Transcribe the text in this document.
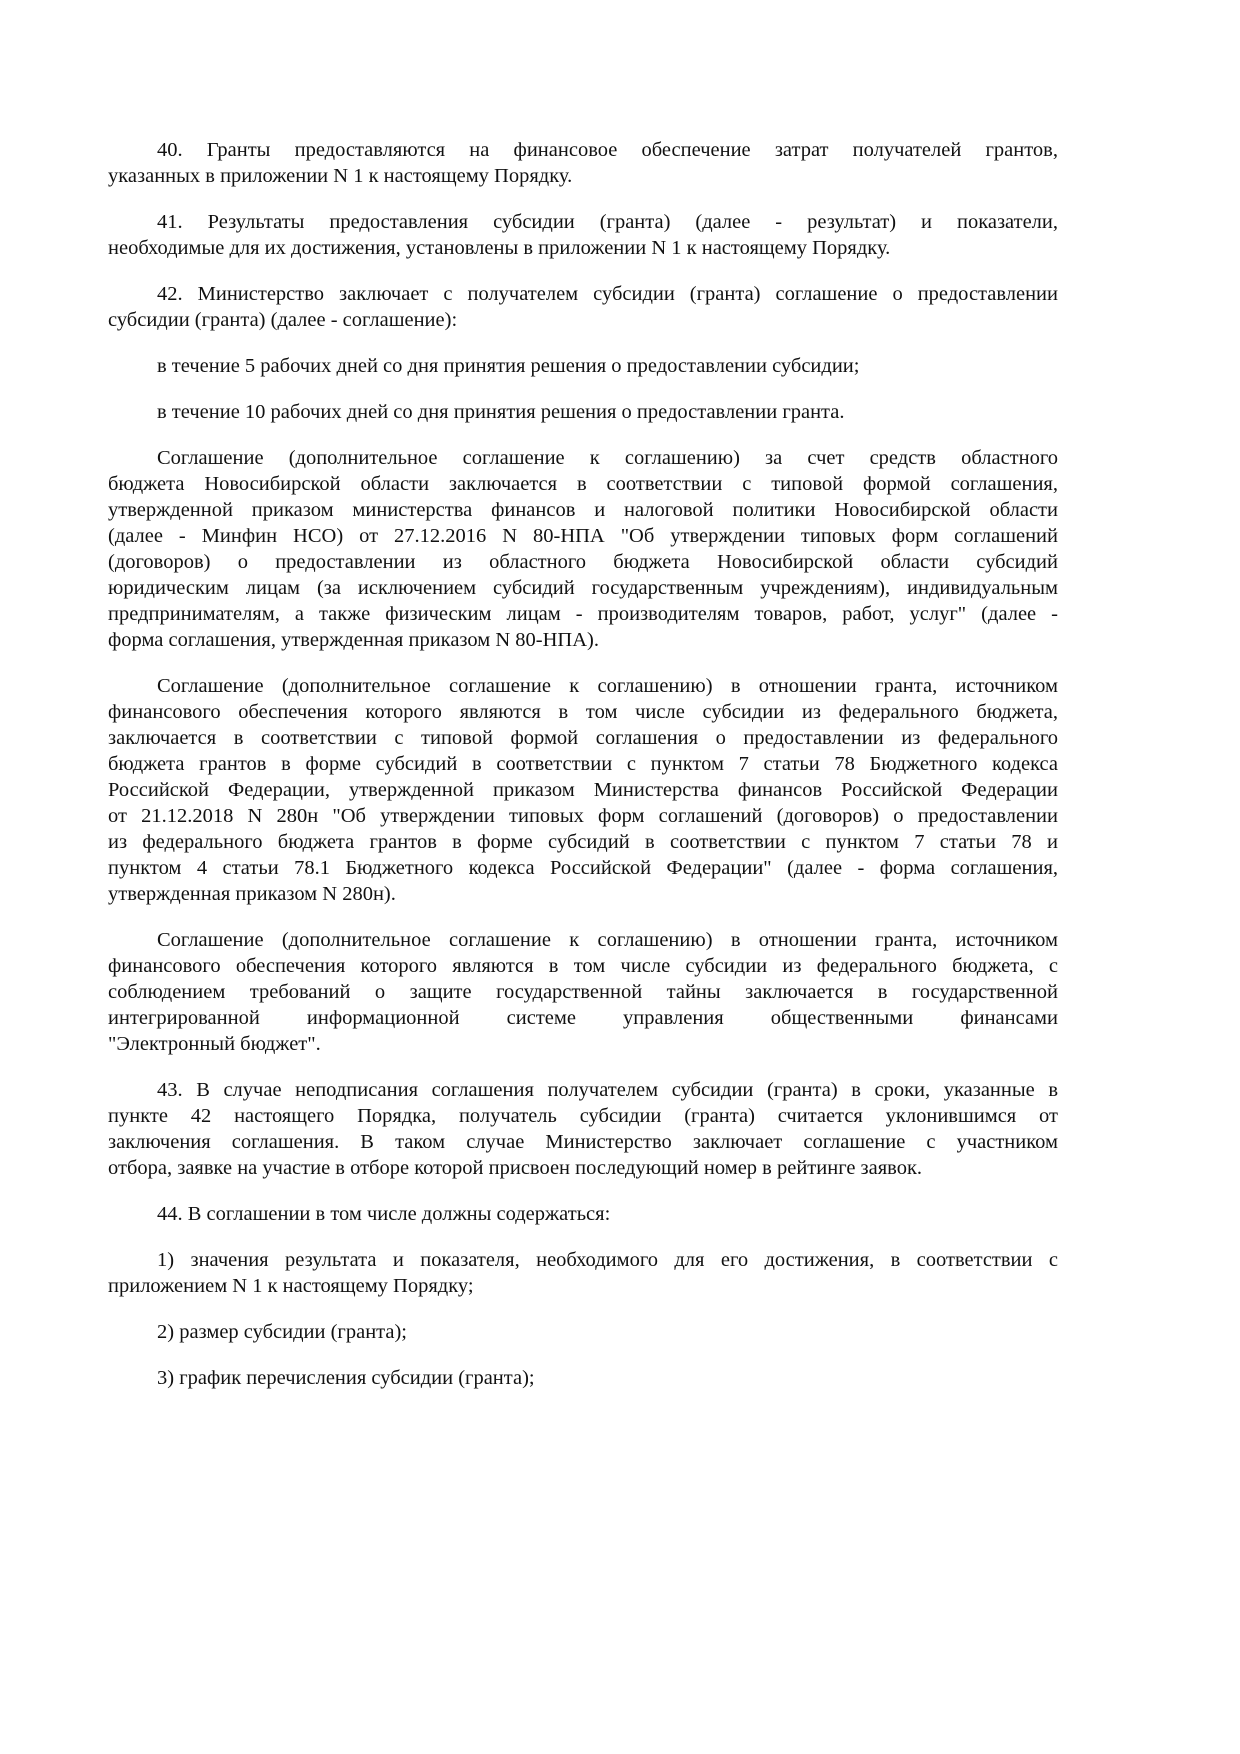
40. Гранты предоставляются на финансовое обеспечение затрат получателей грантов,
указанных в приложении N 1 к настоящему Порядку.
41. Результаты предоставления субсидии (гранта) (далее - результат) и показатели,
необходимые для их достижения, установлены в приложении N 1 к настоящему Порядку.
42. Министерство заключает с получателем субсидии (гранта) соглашение о предоставлении
субсидии (гранта) (далее - соглашение):
в течение 5 рабочих дней со дня принятия решения о предоставлении субсидии;
в течение 10 рабочих дней со дня принятия решения о предоставлении гранта.
Соглашение (дополнительное соглашение к соглашению) за счет средств областного
бюджета Новосибирской области заключается в соответствии с типовой формой соглашения,
утвержденной приказом министерства финансов и налоговой политики Новосибирской области
(далее - Минфин НСО) от 27.12.2016 N 80-НПА "Об утверждении типовых форм соглашений
(договоров) о предоставлении из областного бюджета Новосибирской области субсидий
юридическим лицам (за исключением субсидий государственным учреждениям), индивидуальным
предпринимателям, а также физическим лицам - производителям товаров, работ, услуг" (далее -
форма соглашения, утвержденная приказом N 80-НПА).
Соглашение (дополнительное соглашение к соглашению) в отношении гранта, источником
финансового обеспечения которого являются в том числе субсидии из федерального бюджета,
заключается в соответствии с типовой формой соглашения о предоставлении из федерального
бюджета грантов в форме субсидий в соответствии с пунктом 7 статьи 78 Бюджетного кодекса
Российской Федерации, утвержденной приказом Министерства финансов Российской Федерации
от 21.12.2018 N 280н "Об утверждении типовых форм соглашений (договоров) о предоставлении
из федерального бюджета грантов в форме субсидий в соответствии с пунктом 7 статьи 78 и
пунктом 4 статьи 78.1 Бюджетного кодекса Российской Федерации" (далее - форма соглашения,
утвержденная приказом N 280н).
Соглашение (дополнительное соглашение к соглашению) в отношении гранта, источником
финансового обеспечения которого являются в том числе субсидии из федерального бюджета, с
соблюдением требований о защите государственной тайны заключается в государственной
интегрированной информационной системе управления общественными финансами
"Электронный бюджет".
43. В случае неподписания соглашения получателем субсидии (гранта) в сроки, указанные в
пункте 42 настоящего Порядка, получатель субсидии (гранта) считается уклонившимся от
заключения соглашения. В таком случае Министерство заключает соглашение с участником
отбора, заявке на участие в отборе которой присвоен последующий номер в рейтинге заявок.
44. В соглашении в том числе должны содержаться:
1) значения результата и показателя, необходимого для его достижения, в соответствии с
приложением N 1 к настоящему Порядку;
2) размер субсидии (гранта);
3) график перечисления субсидии (гранта);
